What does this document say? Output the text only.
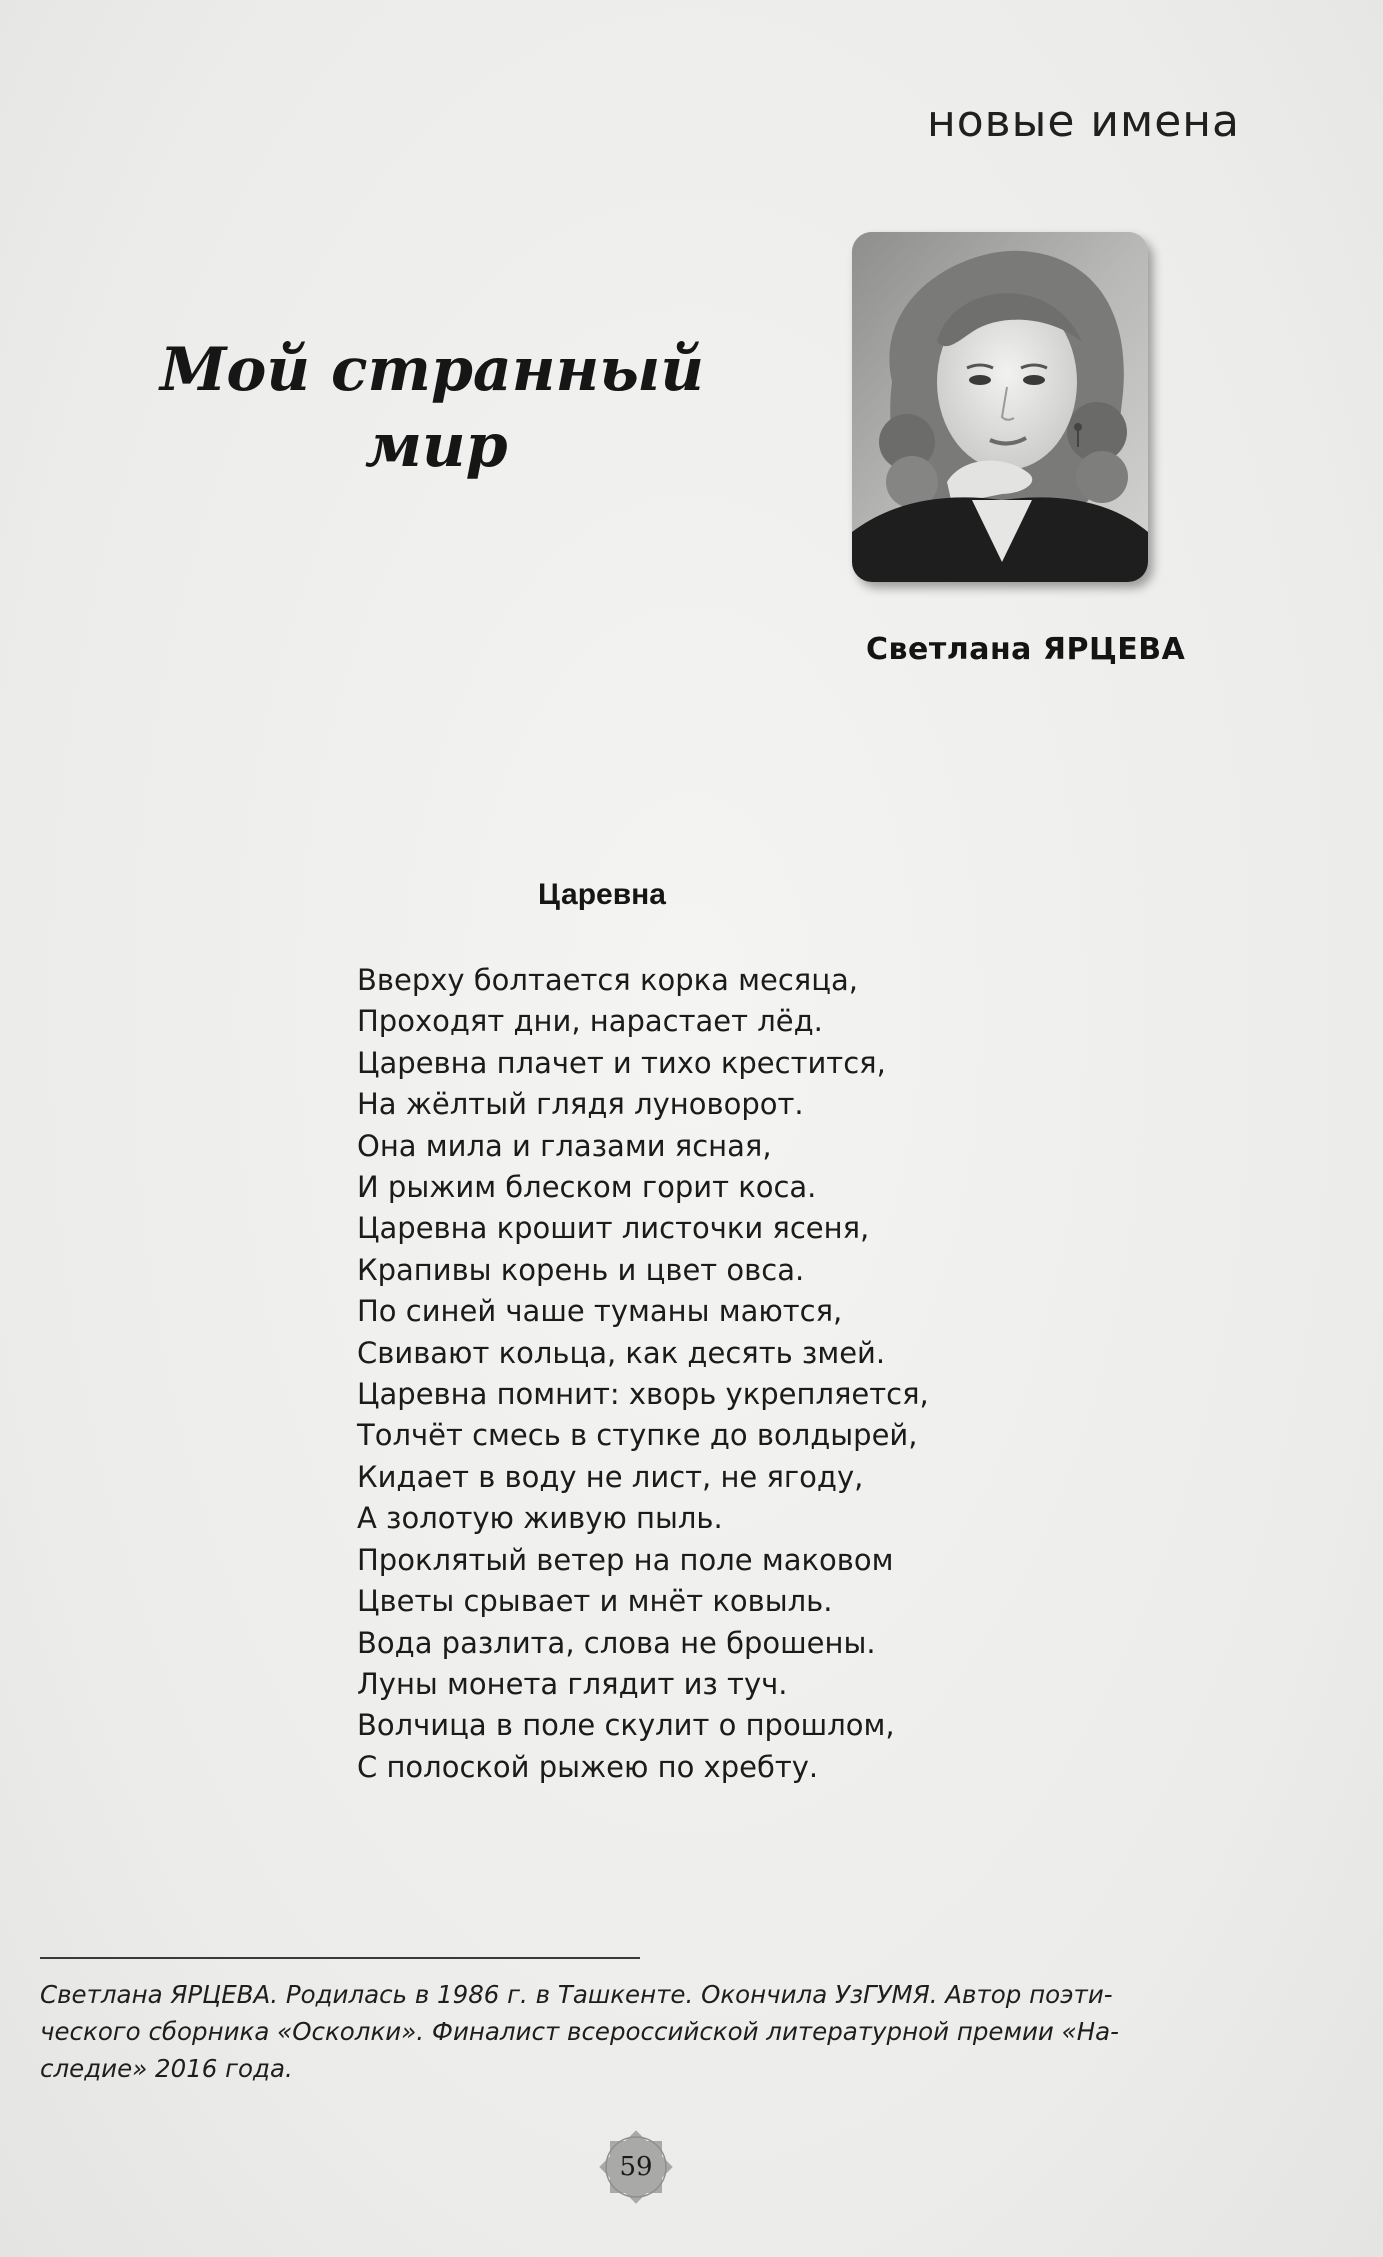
новые имена
Мой странный
мир
Светлана ЯРЦЕВА
Царевна
Вверху болтается корка месяца,
Проходят дни, нарастает лёд.
Царевна плачет и тихо крестится,
На жёлтый глядя луноворот.
Она мила и глазами ясная,
И рыжим блеском горит коса.
Царевна крошит листочки ясеня,
Крапивы корень и цвет овса.
По синей чаше туманы маются,
Свивают кольца, как десять змей.
Царевна помнит: хворь укрепляется,
Толчёт смесь в ступке до волдырей,
Кидает в воду не лист, не ягоду,
А золотую живую пыль.
Проклятый ветер на поле маковом
Цветы срывает и мнёт ковыль.
Вода разлита, слова не брошены.
Луны монета глядит из туч.
Волчица в поле скулит о прошлом,
С полоской рыжею по хребту.
Светлана ЯРЦЕВА. Родилась в 1986 г. в Ташкенте. Окончила УзГУМЯ. Автор поэти-
ческого сборника «Осколки». Финалист всероссийской литературной премии «На-
следие» 2016 года.
59
